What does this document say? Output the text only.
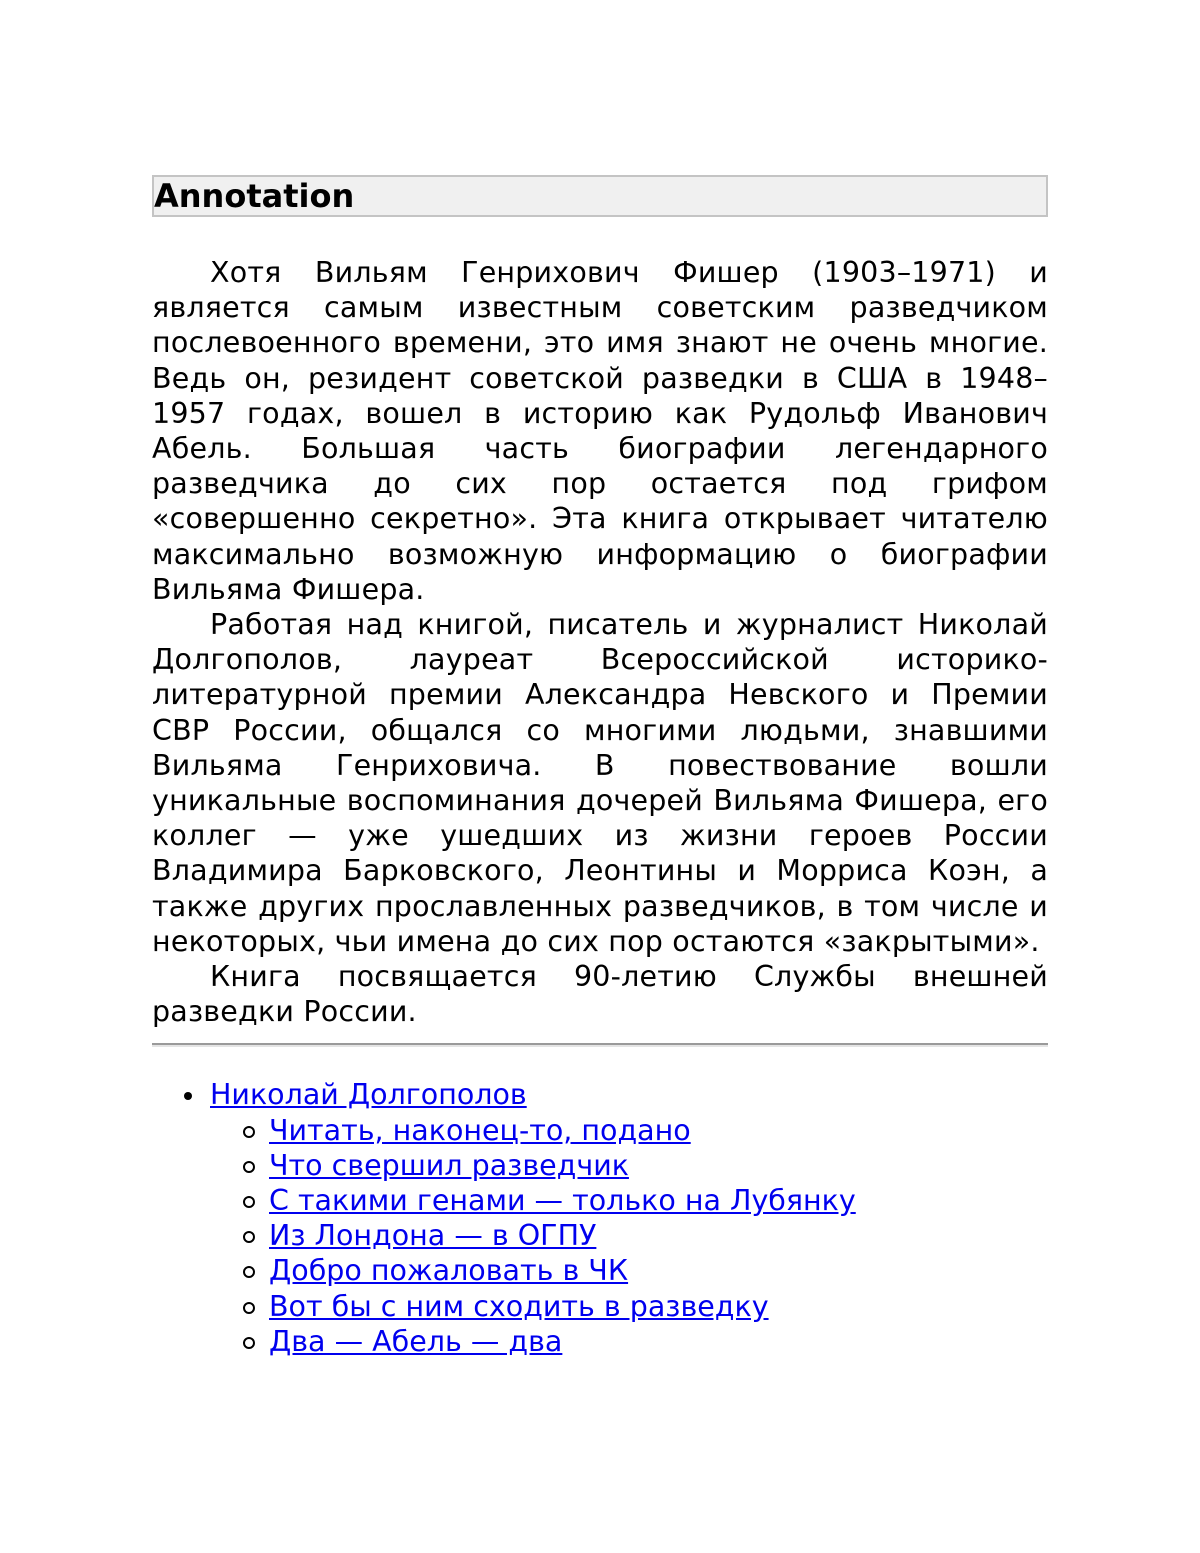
Annotation

Хотя Вильям Генрихович Фишер (1903–1971) и является самым известным советским разведчиком послевоенного времени, это имя знают не очень многие. Ведь он, резидент советской разведки в США в 1948–1957 годах, вошел в историю как Рудольф Иванович Абель. Большая часть биографии легендарного разведчика до сих пор остается под грифом «совершенно секретно». Эта книга открывает читателю максимально возможную информацию о биографии Вильяма Фишера.

Работая над книгой, писатель и журналист Николай Долгополов, лауреат Всероссийской историко-литературной премии Александра Невского и Премии СВР России, общался со многими людьми, знавшими Вильяма Генриховича. В повествование вошли уникальные воспоминания дочерей Вильяма Фишера, его коллег — уже ушедших из жизни героев России Владимира Барковского, Леонтины и Морриса Коэн, а также других прославленных разведчиков, в том числе и некоторых, чьи имена до сих пор остаются «закрытыми».

Книга посвящается 90-летию Службы внешней разведки России.

Николай Долгополов
Читать, наконец-то, подано
Что свершил разведчик
С такими генами — только на Лубянку
Из Лондона — в ОГПУ
Добро пожаловать в ЧК
Вот бы с ним сходить в разведку
Два — Абель — два
